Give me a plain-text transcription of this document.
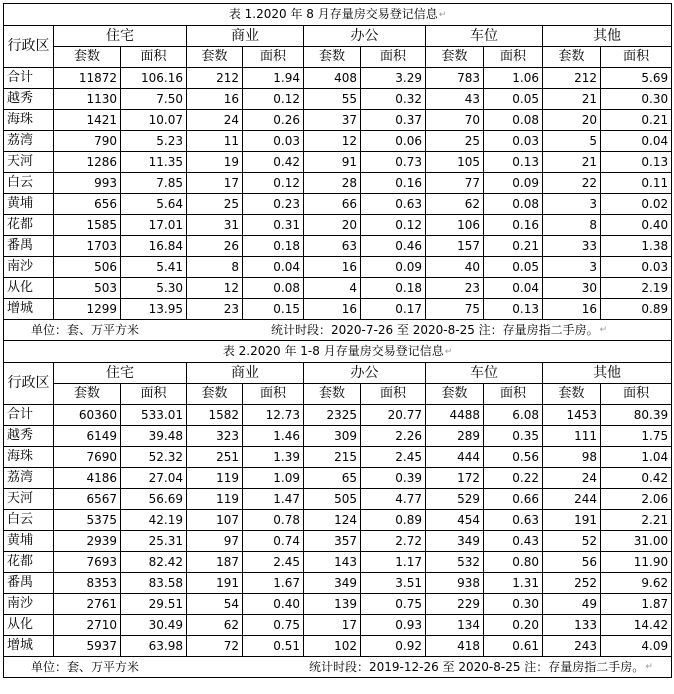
表 1.2020 年 8 月存量房交易登记信息↵										
行政区	住宅		商业		办公		车位		其他	
	套数	面积	套数	面积	套数	面积	套数	面积	套数	面积
合计	11872	106.16	212	1.94	408	3.29	783	1.06	212	5.69
越秀	1130	7.50	16	0.12	55	0.32	43	0.05	21	0.30
海珠	1421	10.07	24	0.26	37	0.37	70	0.08	20	0.21
荔湾	790	5.23	11	0.03	12	0.06	25	0.03	5	0.04
天河	1286	11.35	19	0.42	91	0.73	105	0.13	21	0.13
白云	993	7.85	17	0.12	28	0.16	77	0.09	22	0.11
黄埔	656	5.64	25	0.23	66	0.63	62	0.08	3	0.02
花都	1585	17.01	31	0.31	20	0.12	106	0.16	8	0.40
番禺	1703	16.84	26	0.18	63	0.46	157	0.21	33	1.38
南沙	506	5.41	8	0.04	16	0.09	40	0.05	3	0.03
从化	503	5.30	12	0.08	4	0.18	23	0.04	30	2.19
增城	1299	13.95	23	0.15	16	0.17	75	0.13	16	0.89
单位：套、万平方米 统计时段：2020-7-26 至 2020-8-25 注：存量房指二手房。↵										
表 2.2020 年 1-8 月存量房交易登记信息↵										
行政区	住宅		商业		办公		车位		其他	
	套数	面积	套数	面积	套数	面积	套数	面积	套数	面积
合计	60360	533.01	1582	12.73	2325	20.77	4488	6.08	1453	80.39
越秀	6149	39.48	323	1.46	309	2.26	289	0.35	111	1.75
海珠	7690	52.32	251	1.39	215	2.45	444	0.56	98	1.04
荔湾	4186	27.04	119	1.09	65	0.39	172	0.22	24	0.42
天河	6567	56.69	119	1.47	505	4.77	529	0.66	244	2.06
白云	5375	42.19	107	0.78	124	0.89	454	0.63	191	2.21
黄埔	2939	25.31	97	0.74	357	2.72	349	0.43	52	31.00
花都	7693	82.42	187	2.45	143	1.17	532	0.80	56	11.90
番禺	8353	83.58	191	1.67	349	3.51	938	1.31	252	9.62
南沙	2761	29.51	54	0.40	139	0.75	229	0.30	49	1.87
从化	2710	30.49	62	0.75	17	0.93	134	0.20	133	14.42
增城	5937	63.98	72	0.51	102	0.92	418	0.61	243	4.09
单位：套、万平方米 统计时段：2019-12-26 至 2020-8-25 注：存量房指二手房。↵										
